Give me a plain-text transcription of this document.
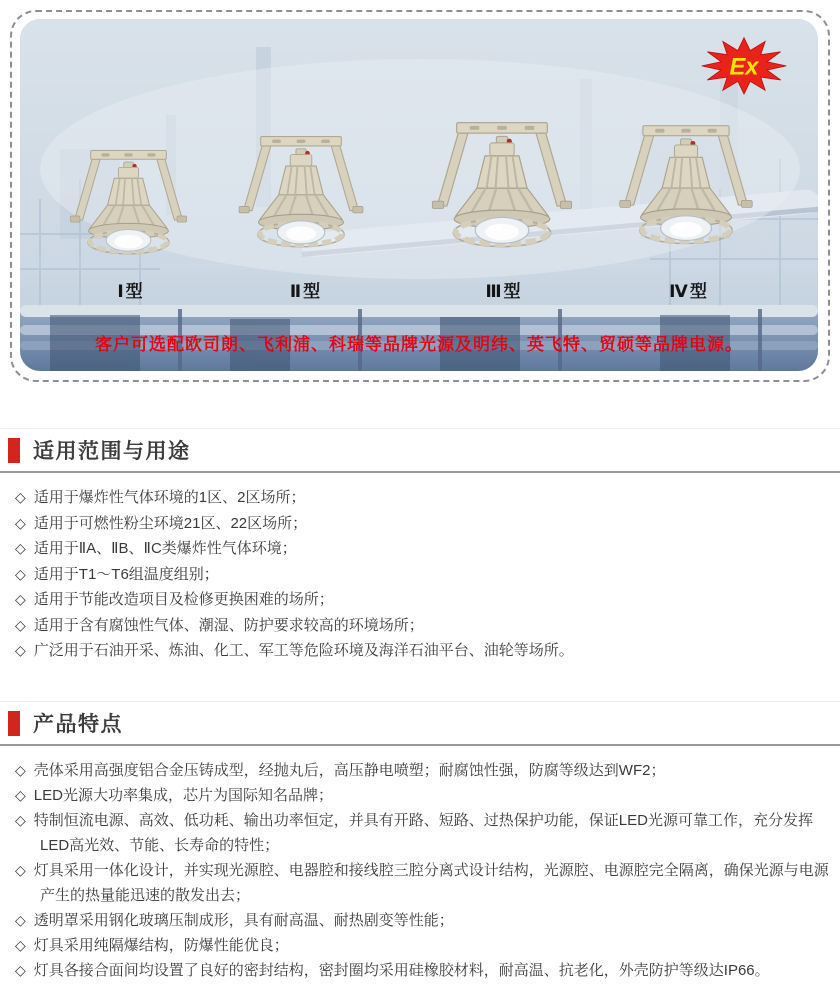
Ex
Ⅰ型	Ⅱ型	Ⅲ型	Ⅳ型
客户可选配欧司朗、飞利浦、科瑞等品牌光源及明纬、英飞特、贸硕等品牌电源。
适用范围与用途
◇ 适用于爆炸性气体环境的1区、2区场所；
◇ 适用于可燃性粉尘环境21区、22区场所；
◇ 适用于ⅡA、ⅡB、ⅡC类爆炸性气体环境；
◇ 适用于T1～T6组温度组别；
◇ 适用于节能改造项目及检修更换困难的场所；
◇ 适用于含有腐蚀性气体、潮湿、防护要求较高的环境场所；
◇ 广泛用于石油开采、炼油、化工、军工等危险环境及海洋石油平台、油轮等场所。
产品特点
◇ 壳体采用高强度铝合金压铸成型，经抛丸后，高压静电喷塑；耐腐蚀性强，防腐等级达到WF2；
◇ LED光源大功率集成，芯片为国际知名品牌；
◇ 特制恒流电源、高效、低功耗、输出功率恒定，并具有开路、短路、过热保护功能，保证LED光源可靠工作，充分发挥LED高光效、节能、长寿命的特性；
◇ 灯具采用一体化设计，并实现光源腔、电器腔和接线腔三腔分离式设计结构，光源腔、电源腔完全隔离，确保光源与电源产生的热量能迅速的散发出去；
◇ 透明罩采用钢化玻璃压制成形，具有耐高温、耐热剧变等性能；
◇ 灯具采用纯隔爆结构，防爆性能优良；
◇ 灯具各接合面间均设置了良好的密封结构，密封圈均采用硅橡胶材料，耐高温、抗老化，外壳防护等级达IP66。
